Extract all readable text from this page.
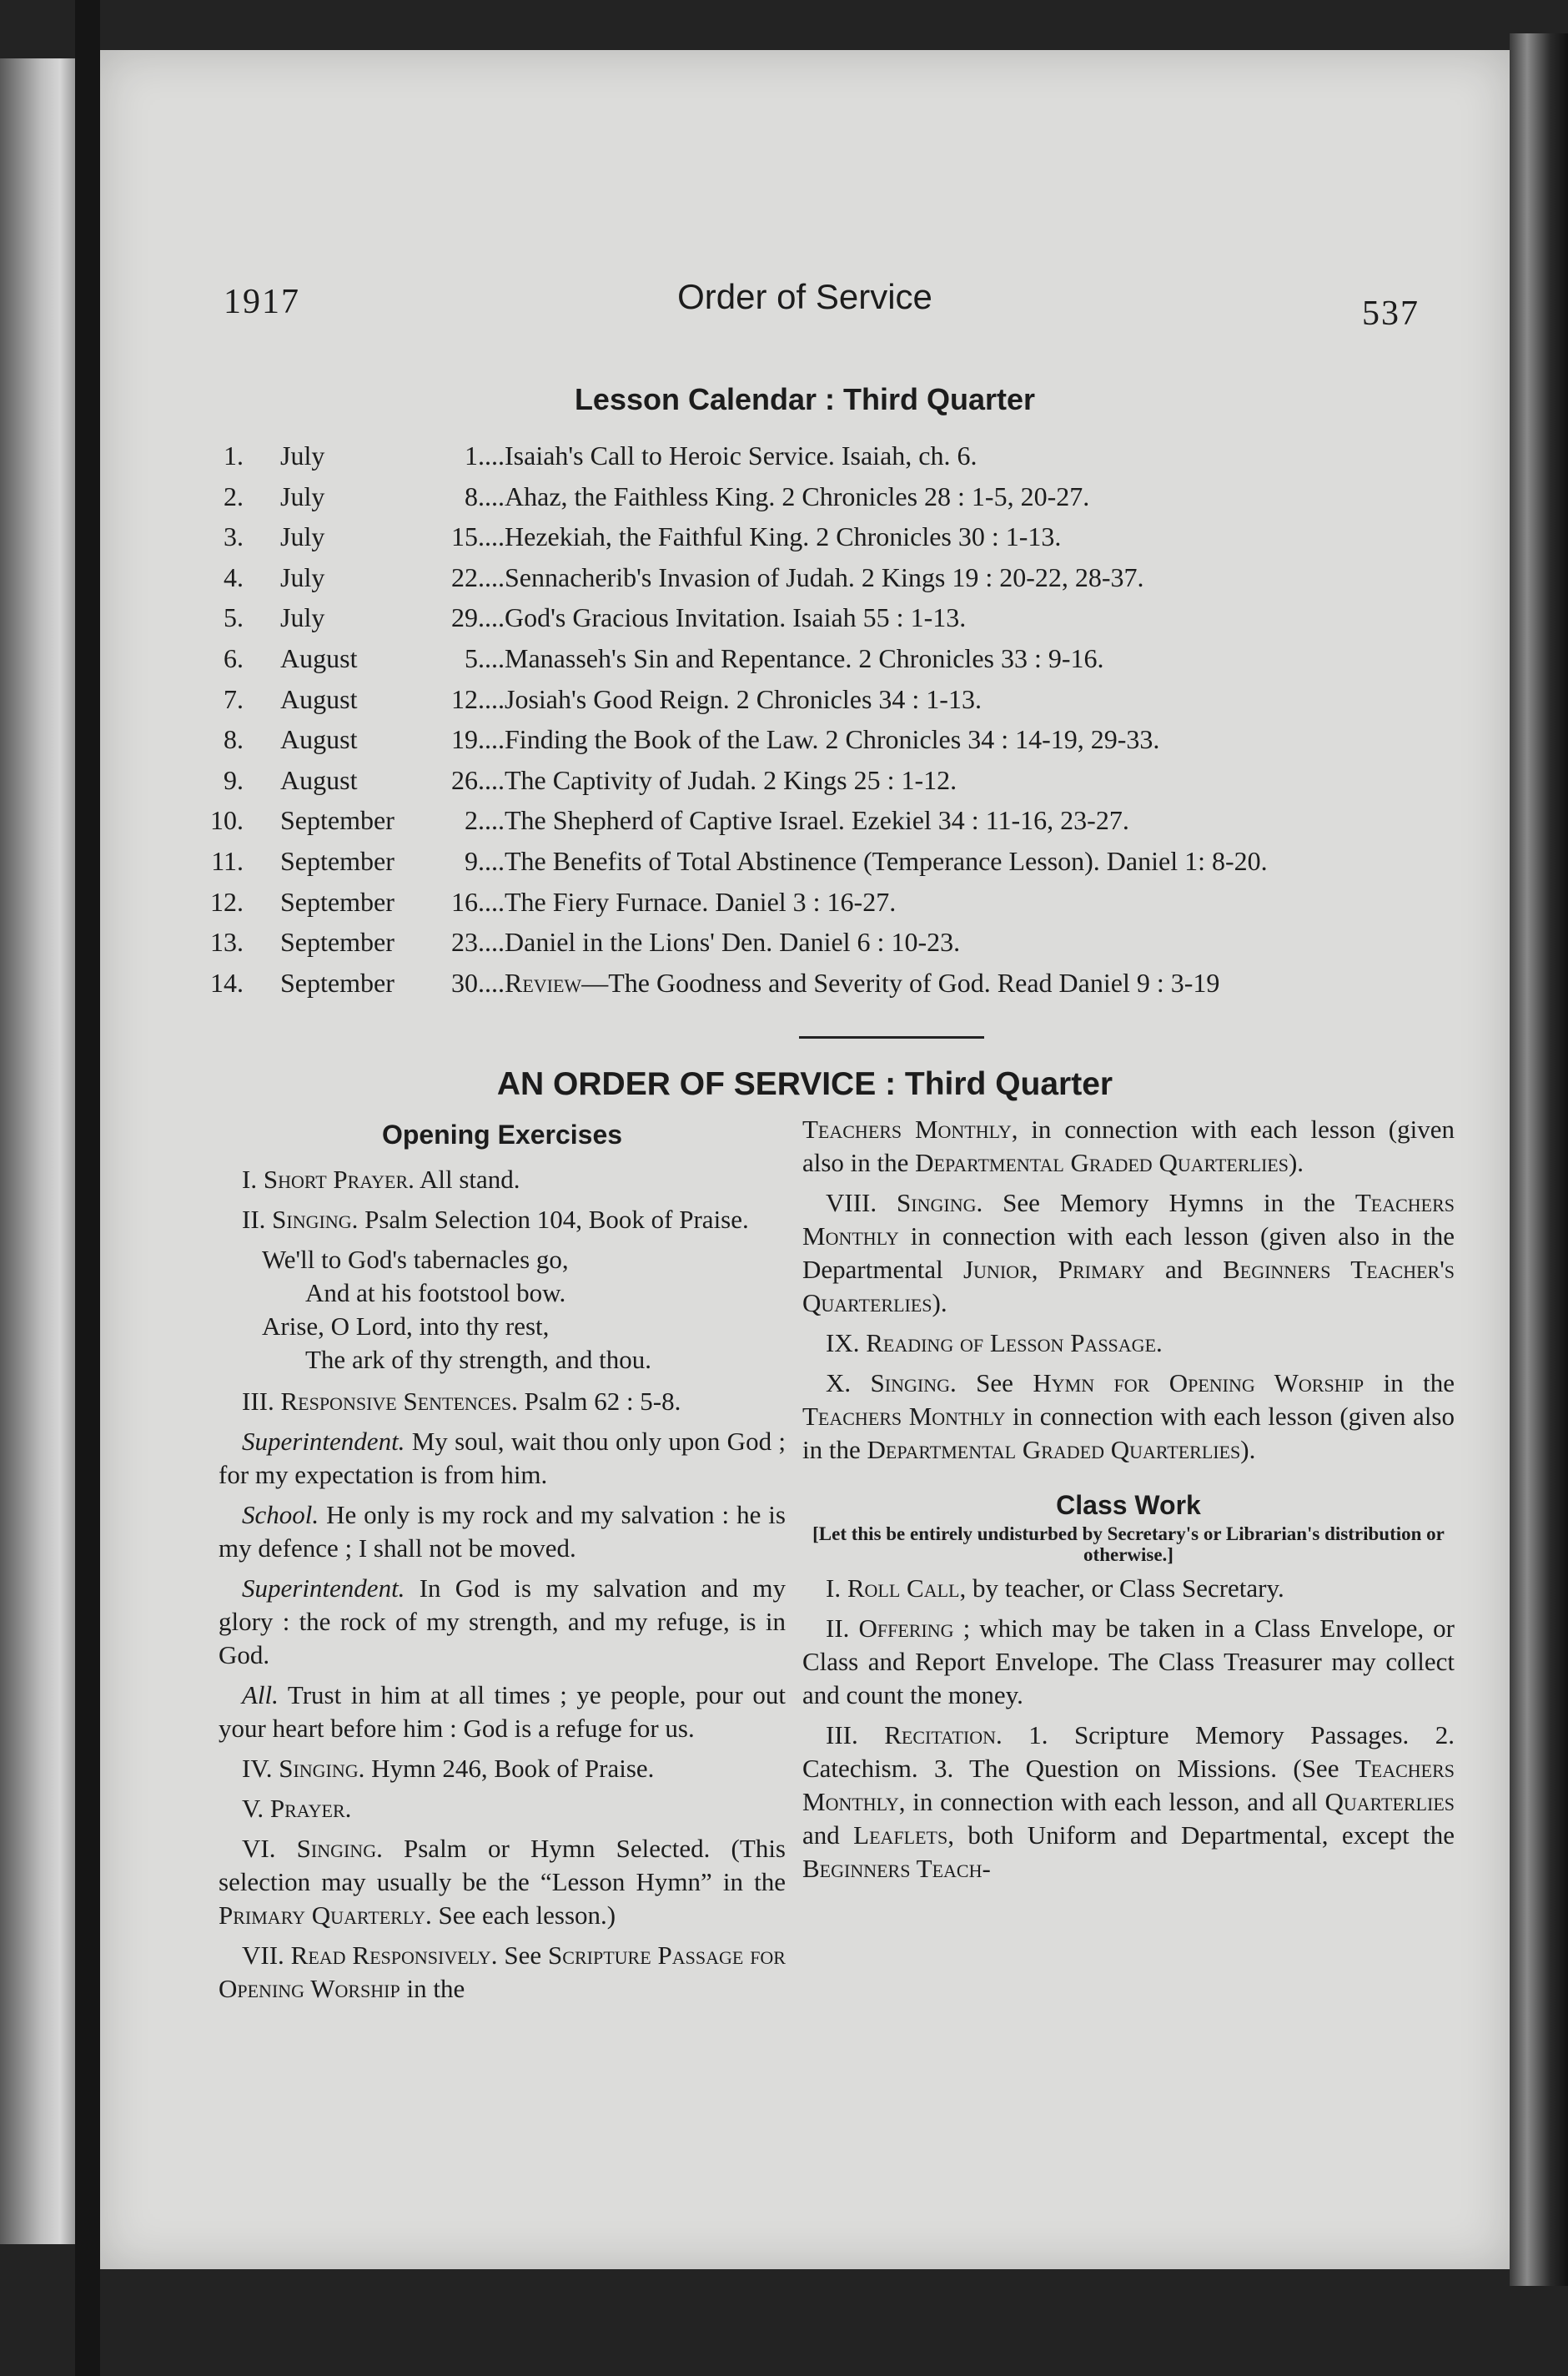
1917	Order of Service	537
Lesson Calendar : Third Quarter
1. July	1 ....Isaiah's Call to Heroic Service. Isaiah, ch. 6.
2. July	8 ....Ahaz, the Faithless King. 2 Chronicles 28 : 1-5, 20-27.
3. July	15 ....Hezekiah, the Faithful King. 2 Chronicles 30 : 1-13.
4. July	22 ....Sennacherib's Invasion of Judah. 2 Kings 19 : 20-22, 28-37.
5. July	29 ....God's Gracious Invitation. Isaiah 55 : 1-13.
6. August	5 ....Manasseh's Sin and Repentance. 2 Chronicles 33 : 9-16.
7. August	12 ....Josiah's Good Reign. 2 Chronicles 34 : 1-13.
8. August	19 ....Finding the Book of the Law. 2 Chronicles 34 : 14-19, 29-33.
9. August	26 ....The Captivity of Judah. 2 Kings 25 : 1-12.
10. September	2 ....The Shepherd of Captive Israel. Ezekiel 34 : 11-16, 23-27.
11. September	9 ....The Benefits of Total Abstinence (Temperance Lesson). Daniel 1: 8-20.
12. September	16 ....The Fiery Furnace. Daniel 3 : 16-27.
13. September	23 ....Daniel in the Lions' Den. Daniel 6 : 10-23.
14. September	30 ....Review—The Goodness and Severity of God. Read Daniel 9 : 3-19
AN ORDER OF SERVICE : Third Quarter
Opening Exercises

I. Short Prayer. All stand.

II. Singing. Psalm Selection 104, Book of Praise.

We'll to God's tabernacles go,
And at his footstool bow.
Arise, O Lord, into thy rest,
The ark of thy strength, and thou.

III. Responsive Sentences. Psalm 62 : 5-8.

Superintendent. My soul, wait thou only upon God ; for my expectation is from him.

School. He only is my rock and my salvation : he is my defence ; I shall not be moved.

Superintendent. In God is my salvation and my glory : the rock of my strength, and my refuge, is in God.

All. Trust in him at all times ; ye people, pour out your heart before him : God is a refuge for us.

IV. Singing. Hymn 246, Book of Praise.

V. Prayer.

VI. Singing. Psalm or Hymn Selected. (This selection may usually be the “Lesson Hymn” in the Primary Quarterly. See each lesson.)

VII. Read Responsively. See Scripture Passage for Opening Worship in the

Teachers Monthly, in connection with each lesson (given also in the Departmental Graded Quarterlies).

VIII. Singing. See Memory Hymns in the Teachers Monthly in connection with each lesson (given also in the Departmental Junior, Primary and Beginners Teacher's Quarterlies).

IX. Reading of Lesson Passage.

X. Singing. See Hymn for Opening Worship in the Teachers Monthly in connection with each lesson (given also in the Departmental Graded Quarterlies).

Class Work

[Let this be entirely undisturbed by Secretary's or Librarian's distribution or otherwise.]

I. Roll Call, by teacher, or Class Secretary.

II. Offering ; which may be taken in a Class Envelope, or Class and Report Envelope. The Class Treasurer may collect and count the money.

III. Recitation. 1. Scripture Memory Passages. 2. Catechism. 3. The Question on Missions. (See Teachers Monthly, in connection with each lesson, and all Quarterlies and Leaflets, both Uniform and Departmental, except the Beginners Teach-
